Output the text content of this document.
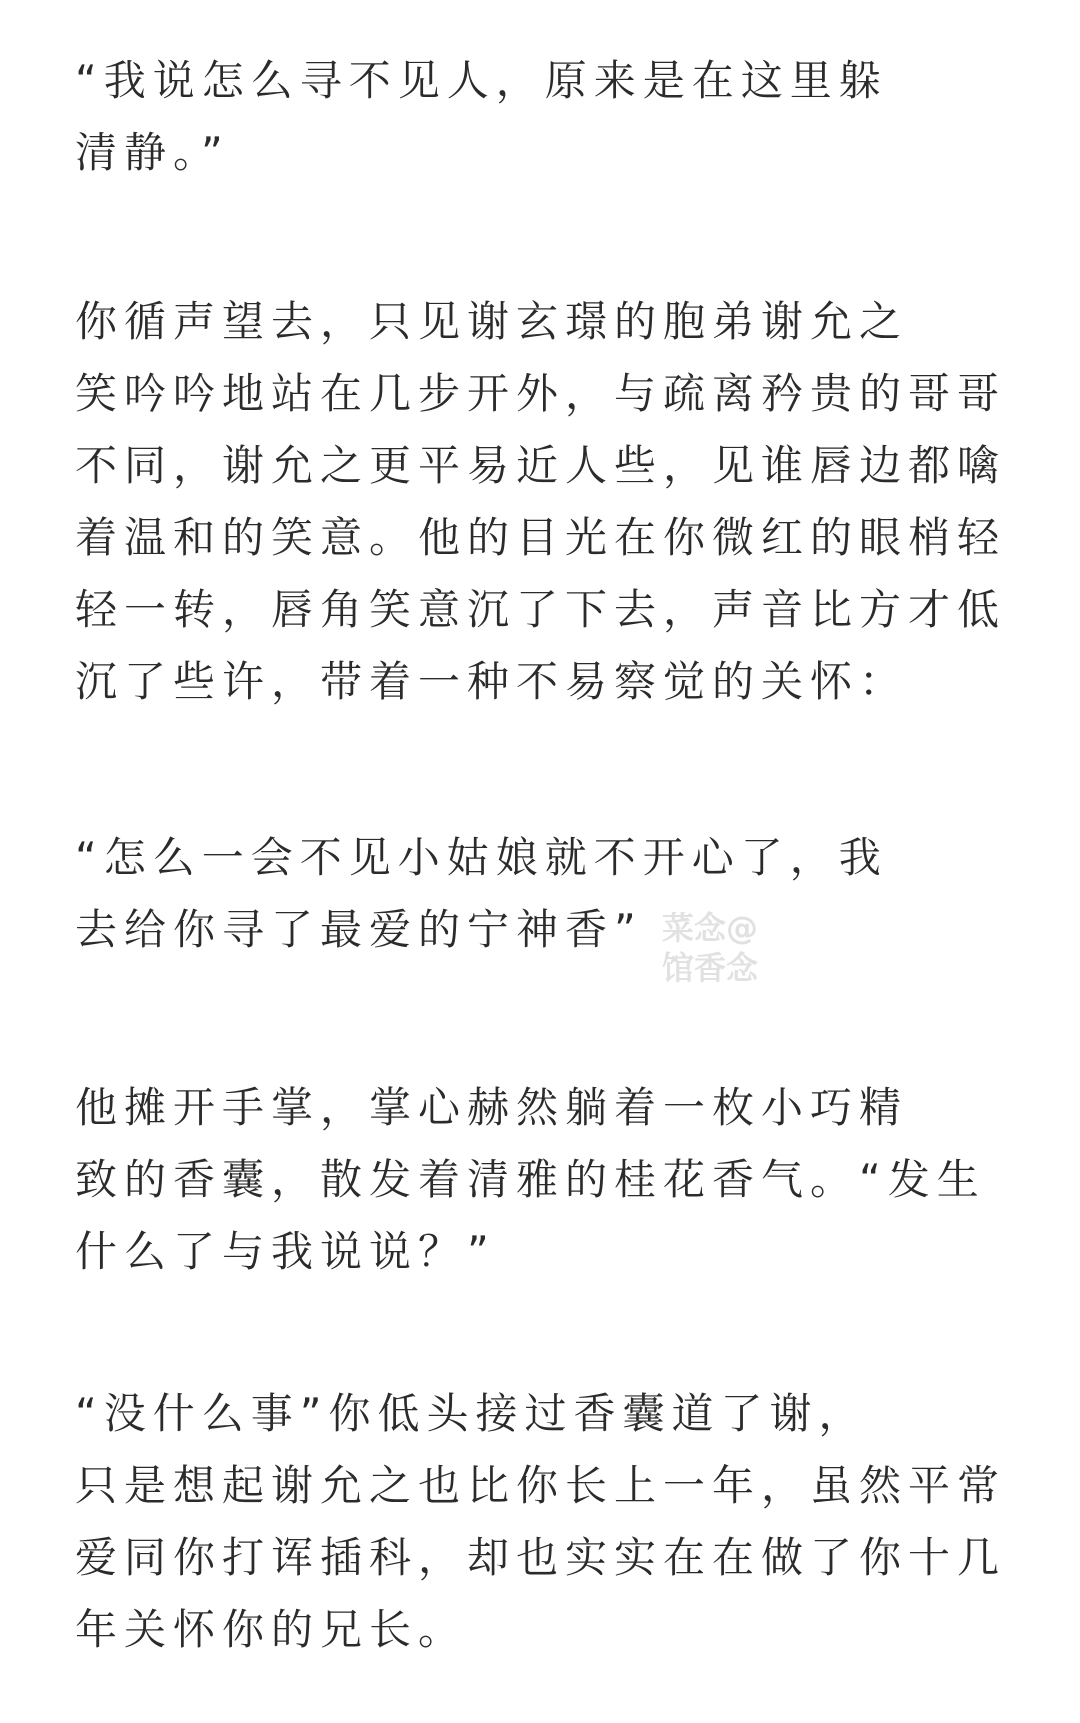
“我说怎么寻不见人，原来是在这里躲
清静。”

你循声望去，只见谢玄璟的胞弟谢允之
笑吟吟地站在几步开外，与疏离矜贵的哥哥
不同，谢允之更平易近人些，见谁唇边都噙
着温和的笑意。他的目光在你微红的眼梢轻
轻一转，唇角笑意沉了下去，声音比方才低
沉了些许，带着一种不易察觉的关怀：

“怎么一会不见小姑娘就不开心了，我
去给你寻了最爱的宁神香”

他摊开手掌，掌心赫然躺着一枚小巧精
致的香囊，散发着清雅的桂花香气。“发生
什么了与我说说？”

“没什么事”你低头接过香囊道了谢，
只是想起谢允之也比你长上一年，虽然平常
爱同你打诨插科，却也实实在在做了你十几
年关怀你的兄长。

菜念@
馆香念
